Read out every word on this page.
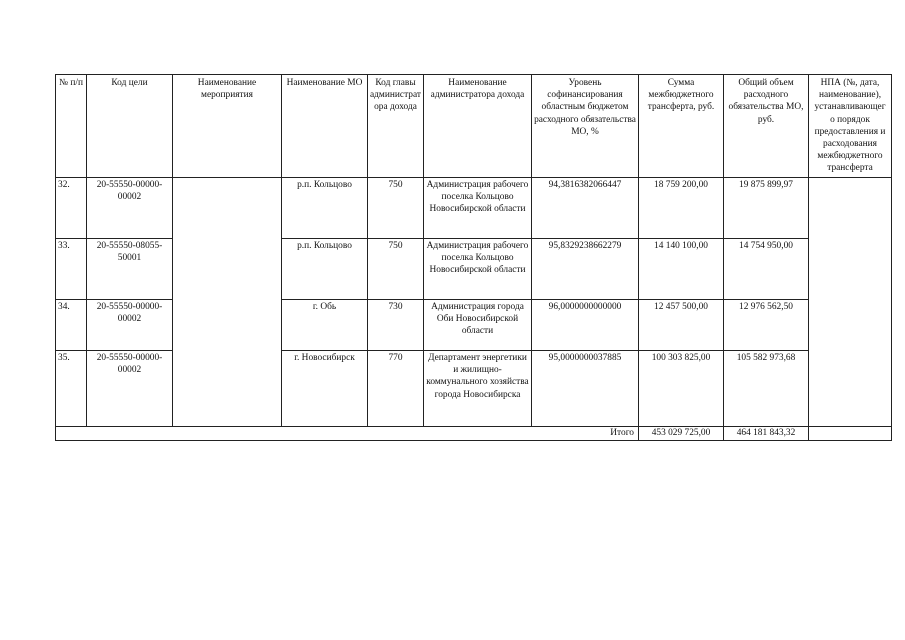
№ п/п	Код цели	Наименование мероприятия	Наименование МО	Код главы администрат ора дохода	Наименование администратора дохода	Уровень софинансирования областным бюджетом расходного обязательства МО, %	Сумма межбюджетного трансферта, руб.	Общий объем расходного обязательства МО, руб.	НПА (№, дата, наименование), устанавливающег о порядок предоставления и расходования межбюджетного трансферта
32.	20-55550-00000-00002		р.п. Кольцово	750	Администрация рабочего поселка Кольцово Новосибирской области	94,3816382066447	18 759 200,00	19 875 899,97	
33.	20-55550-08055-50001		р.п. Кольцово	750	Администрация рабочего поселка Кольцово Новосибирской области	95,8329238662279	14 140 100,00	14 754 950,00	
34.	20-55550-00000-00002		г. Обь	730	Администрация города Оби Новосибирской области	96,0000000000000	12 457 500,00	12 976 562,50	
35.	20-55550-00000-00002		г. Новосибирск	770	Департамент энергетики и жилищно-коммунального хозяйства города Новосибирска	95,0000000037885	100 303 825,00	105 582 973,68	
Итого							453 029 725,00	464 181 843,32	
